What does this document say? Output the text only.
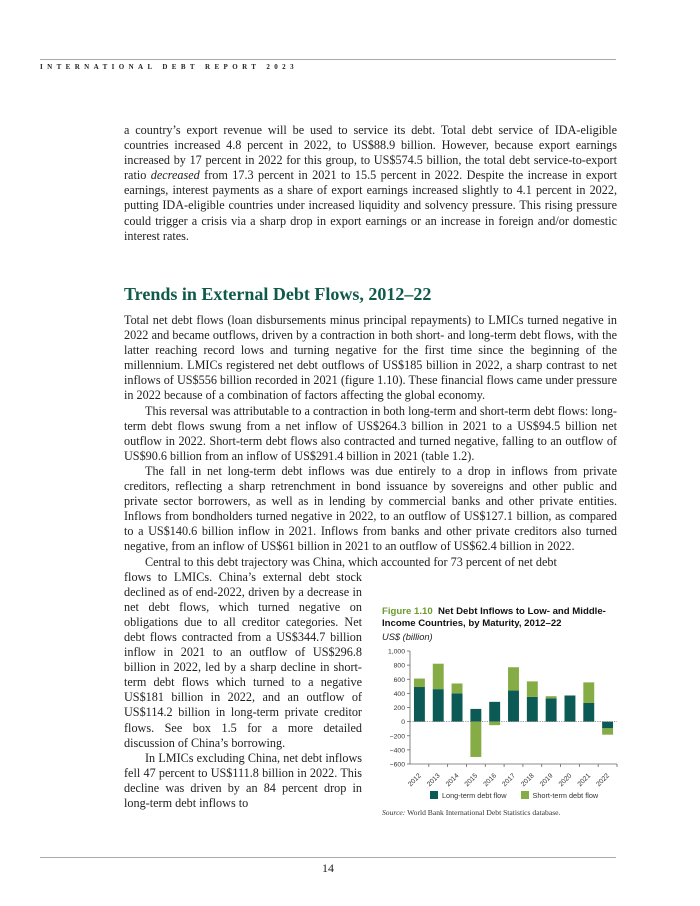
INTERNATIONAL DEBT REPORT 2023
a country’s export revenue will be used to service its debt. Total debt service of IDA-eligible countries increased 4.8 percent in 2022, to US$88.9 billion. However, because export earnings increased by 17 percent in 2022 for this group, to US$574.5 billion, the total debt service-to-export ratio decreased from 17.3 percent in 2021 to 15.5 percent in 2022. Despite the increase in export earnings, interest payments as a share of export earnings increased slightly to 4.1 percent in 2022, putting IDA-eligible countries under increased liquidity and solvency pressure. This rising pressure could trigger a crisis via a sharp drop in export earnings or an increase in foreign and/or domestic interest rates.
Trends in External Debt Flows, 2012–22
Total net debt flows (loan disbursements minus principal repayments) to LMICs turned negative in 2022 and became outflows, driven by a contraction in both short- and long-term debt flows, with the latter reaching record lows and turning negative for the first time since the beginning of the millennium. LMICs registered net debt outflows of US$185 billion in 2022, a sharp contrast to net inflows of US$556 billion recorded in 2021 (figure 1.10). These financial flows came under pressure in 2022 because of a combination of factors affecting the global economy.
This reversal was attributable to a contraction in both long-term and short-term debt flows: long-term debt flows swung from a net inflow of US$264.3 billion in 2021 to a US$94.5 billion net outflow in 2022. Short-term debt flows also contracted and turned negative, falling to an outflow of US$90.6 billion from an inflow of US$291.4 billion in 2021 (table 1.2).
The fall in net long-term debt inflows was due entirely to a drop in inflows from private creditors, reflecting a sharp retrenchment in bond issuance by sovereigns and other public and private sector borrowers, as well as in lending by commercial banks and other private entities. Inflows from bondholders turned negative in 2022, to an outflow of US$127.1 billion, as compared to a US$140.6 billion inflow in 2021. Inflows from banks and other private creditors also turned negative, from an inflow of US$61 billion in 2021 to an outflow of US$62.4 billion in 2022.
Central to this debt trajectory was China, which accounted for 73 percent of net debt
flows to LMICs. China’s external debt stock declined as of end-2022, driven by a decrease in net debt flows, which turned negative on obligations due to all creditor categories. Net debt flows contracted from a US$344.7 billion inflow in 2021 to an outflow of US$296.8 billion in 2022, led by a sharp decline in short-term debt flows which turned to a negative US$181 billion in 2022, and an outflow of US$114.2 billion in long-term private creditor flows. See box 1.5 for a more detailed discussion of China’s borrowing.
In LMICs excluding China, net debt inflows fell 47 percent to US$111.8 billion in 2022. This decline was driven by an 84 percent drop in long-term debt inflows to
Figure 1.10 Net Debt Inflows to Low- and Middle-Income Countries, by Maturity, 2012–22
US$ (billion)
1,000
800
600
400
200
0
−200
−400
−600
2012 2013 2014 2015 2016 2017 2018 2019 2020 2021 2022
Long-term debt flow	Short-term debt flow
Source: World Bank International Debt Statistics database.
14
